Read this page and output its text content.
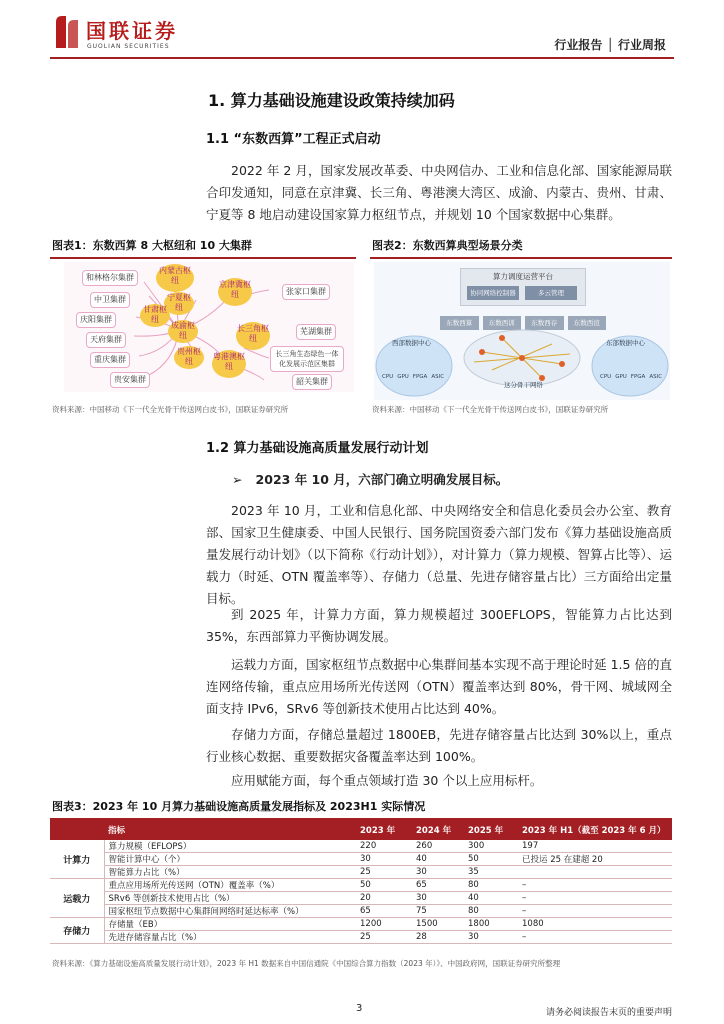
国联证券
GUOLIAN SECURITIES	行业报告 │ 行业周报
1. 算力基础设施建设政策持续加码
1.1 “东数西算”工程正式启动

2022 年 2 月，国家发展改革委、中央网信办、工业和信息化部、国家能源局联合印发通知，同意在京津冀、长三角、粤港澳大湾区、成渝、内蒙古、贵州、甘肃、宁夏等 8 地启动建设国家算力枢纽节点，并规划 10 个国家数据中心集群。

图表1：东数西算 8 大枢纽和 10 大集群
和林格尔集群
中卫集群
庆阳集群
天府集群
重庆集群
贵安集群
张家口集群
芜湖集群
长三角生态绿色一体化发展示范区集群
韶关集群
内蒙古枢纽
宁夏枢纽
甘肃枢纽
成渝枢纽
贵州枢纽
京津冀枢纽
长三角枢纽
粤港澳枢纽
资料来源：中国移动《下一代全光骨干传送网白皮书》，国联证券研究所
图表2：东数西算典型场景分类
算力调度运营平台
协同网络控制器	多云管理
东数西算	东数西训	东数西存	东数西渲
西部数据中心	东部数据中心
这分骨干网络
CPU GPU FPGA ASIC	CPU GPU FPGA ASIC
资料来源：中国移动《下一代全光骨干传送网白皮书》，国联证券研究所
1.2 算力基础设施高质量发展行动计划
➢ 2023 年 10 月，六部门确立明确发展目标。

2023 年 10 月，工业和信息化部、中央网络安全和信息化委员会办公室、教育部、国家卫生健康委、中国人民银行、国务院国资委六部门发布《算力基础设施高质量发展行动计划》（以下简称《行动计划》），对计算力（算力规模、智算占比等）、运载力（时延、OTN 覆盖率等）、存储力（总量、先进存储容量占比）三方面给出定量目标。

到 2025 年，计算力方面，算力规模超过 300EFLOPS，智能算力占比达到 35%，东西部算力平衡协调发展。

运载力方面，国家枢纽节点数据中心集群间基本实现不高于理论时延 1.5 倍的直连网络传输，重点应用场所光传送网（OTN）覆盖率达到 80%，骨干网、城域网全面支持 IPv6，SRv6 等创新技术使用占比达到 40%。

存储力方面，存储总量超过 1800EB，先进存储容量占比达到 30%以上，重点行业核心数据、重要数据灾备覆盖率达到 100%。

应用赋能方面，每个重点领域打造 30 个以上应用标杆。

图表3：2023 年 10 月算力基础设施高质量发展指标及 2023H1 实际情况
	指标	2023 年	2024 年	2025 年	2023 年 H1（截至 2023 年 6 月）
计算力	算力规模（EFLOPS）	220	260	300	197
	智能计算中心（个）	30	40	50	已投运 25 在建超 20
	智能算力占比（%）	25	30	35	
运载力	重点应用场所光传送网（OTN）覆盖率（%）	50	65	80	–
	SRv6 等创新技术使用占比（%）	20	30	40	–
	国家枢纽节点数据中心集群间网络时延达标率（%）	65	75	80	–
存储力	存储量（EB）	1200	1500	1800	1080
	先进存储容量占比（%）	25	28	30	–
资料来源：《算力基础设施高质量发展行动计划》，2023 年 H1 数据来自中国信通院《中国综合算力指数（2023 年）》、中国政府网，国联证券研究所整理
3	请务必阅读报告末页的重要声明
